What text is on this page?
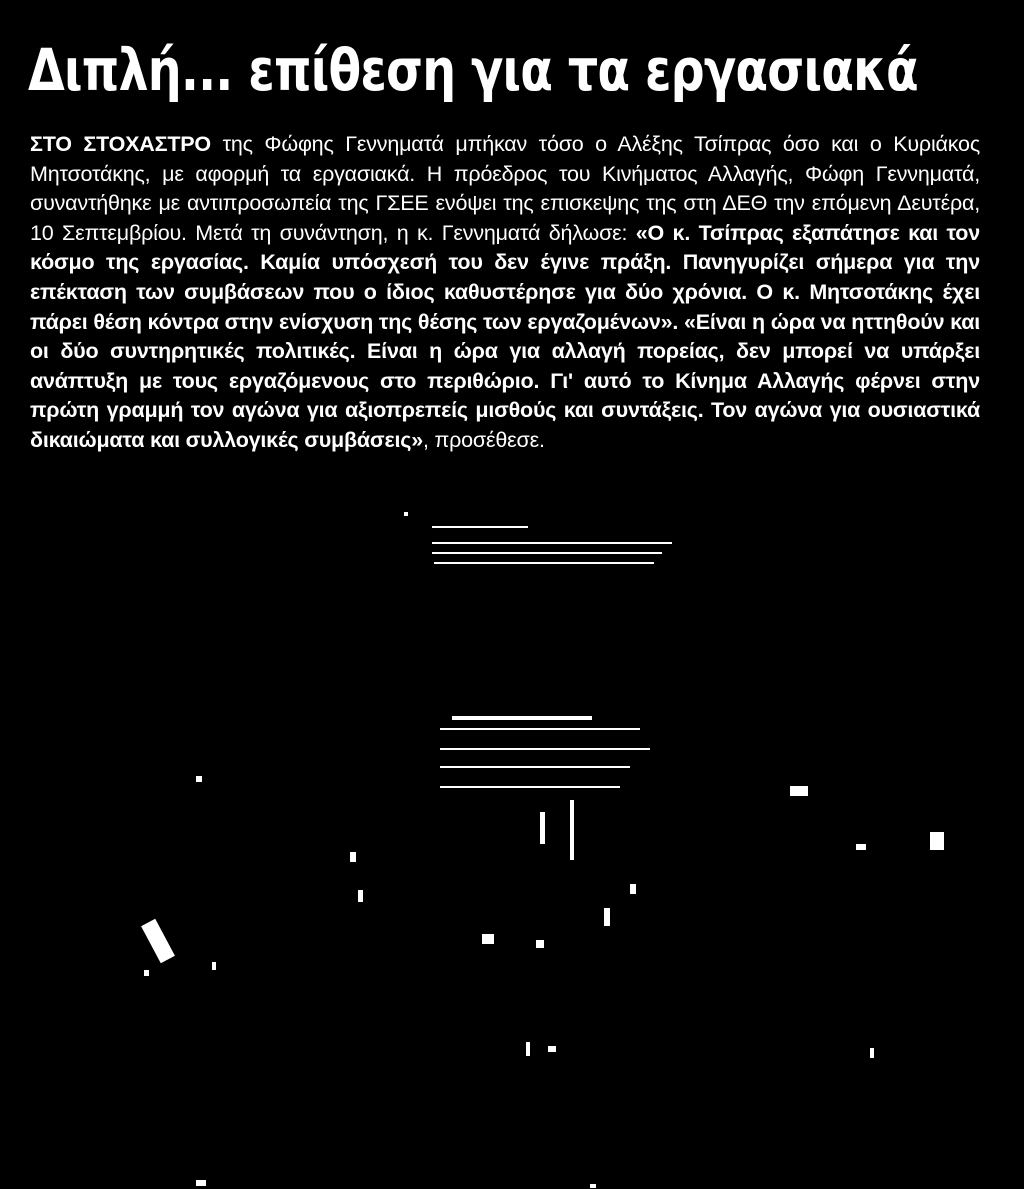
Διπλή... επίθεση για τα εργασιακά

ΣΤΟ ΣΤΟΧΑΣΤΡΟ της Φώφης Γεννηματά μπήκαν τόσο ο Αλέξης Τσίπρας όσο και ο Κυριάκος Μητσοτάκης, με αφορμή τα εργασιακά. Η πρόεδρος του Κινήματος Αλλαγής, Φώφη Γεννηματά, συναντήθηκε με αντιπροσωπεία της ΓΣΕΕ ενόψει της επισκεψης της στη ΔΕΘ την επόμενη Δευτέρα, 10 Σεπτεμβρίου. Μετά τη συνάντηση, η κ. Γεννηματά δήλωσε: «Ο κ. Τσίπρας εξαπάτησε και τον κόσμο της εργασίας. Καμία υπόσχεσή του δεν έγινε πράξη. Πανηγυρίζει σήμερα για την επέκταση των συμβάσεων που ο ίδιος καθυστέρησε για δύο χρόνια. Ο κ. Μητσοτάκης έχει πάρει θέση κόντρα στην ενίσχυση της θέσης των εργαζομένων». «Είναι η ώρα να ηττηθούν και οι δύο συντηρητικές πολιτικές. Είναι η ώρα για αλλαγή πορείας, δεν μπορεί να υπάρξει ανάπτυξη με τους εργαζόμενους στο περιθώριο. Γι' αυτό το Κίνημα Αλλαγής φέρνει στην πρώτη γραμμή τον αγώνα για αξιοπρεπείς μισθούς και συντάξεις. Τον αγώνα για ουσιαστικά δικαιώματα και συλλογικές συμβάσεις», προσέθεσε.
